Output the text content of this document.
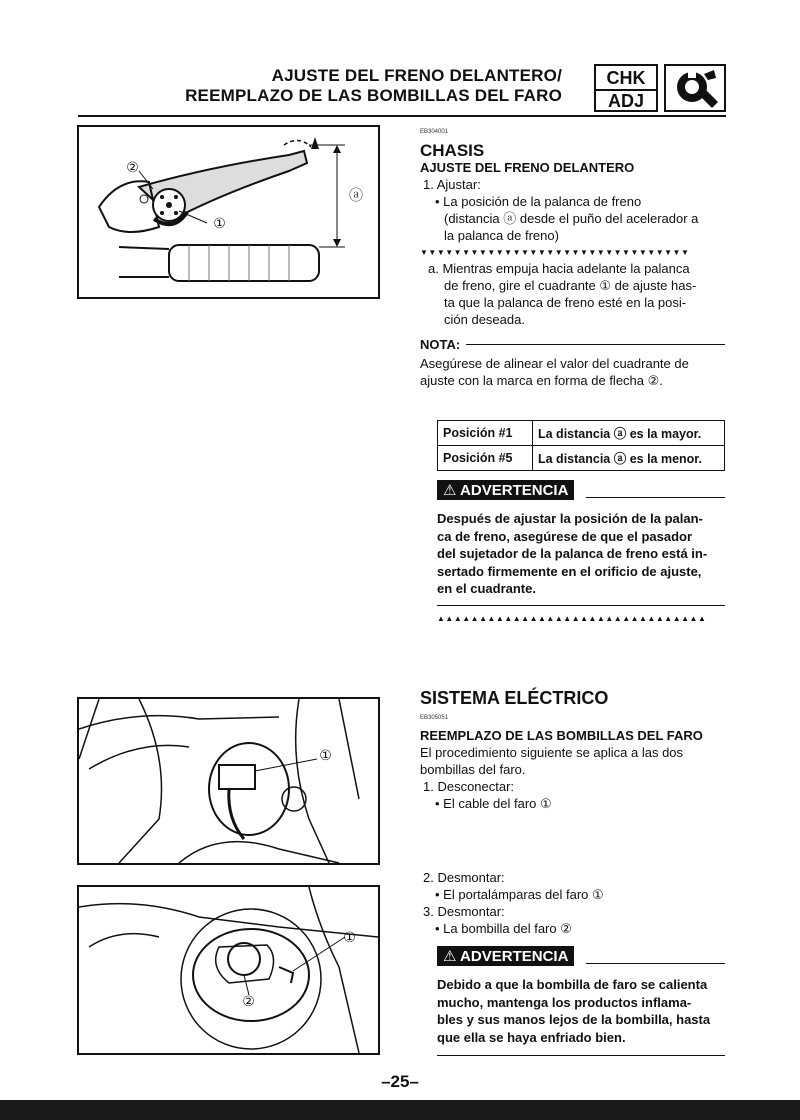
AJUSTE DEL FRENO DELANTERO/
REEMPLAZO DE LAS BOMBILLAS DEL FARO
CHK
ADJ
②
①
ⓐ
①
①
②
EB304001
CHASIS
AJUSTE DEL FRENO DELANTERO
1. Ajustar:
• La posición de la palanca de freno
(distancia ⓐ desde el puño del acelerador a
la palanca de freno)
▼▼▼▼▼▼▼▼▼▼▼▼▼▼▼▼▼▼▼▼▼▼▼▼▼▼▼▼▼▼▼▼
a. Mientras empuja hacia adelante la palanca
de freno, gire el cuadrante ① de ajuste has-
ta que la palanca de freno esté en la posi-
ción deseada.
NOTA:
Asegúrese de alinear el valor del cuadrante de
ajuste con la marca en forma de flecha ②.
Posición #1	La distancia ⓐ es la mayor.
Posición #5	La distancia ⓐ es la menor.
⚠ ADVERTENCIA
Después de ajustar la posición de la palan-
ca de freno, asegúrese de que el pasador
del sujetador de la palanca de freno está in-
sertado firmemente en el orificio de ajuste,
en el cuadrante.
▲▲▲▲▲▲▲▲▲▲▲▲▲▲▲▲▲▲▲▲▲▲▲▲▲▲▲▲▲▲▲▲
SISTEMA ELÉCTRICO
EB305051
REEMPLAZO DE LAS BOMBILLAS DEL FARO
El procedimiento siguiente se aplica a las dos
bombillas del faro.
1. Desconectar:
• El cable del faro ①
2. Desmontar:
• El portalámparas del faro ①
3. Desmontar:
• La bombilla del faro ②
⚠ ADVERTENCIA
Debido a que la bombilla de faro se calienta
mucho, mantenga los productos inflama-
bles y sus manos lejos de la bombilla, hasta
que ella se haya enfriado bien.
–25–
